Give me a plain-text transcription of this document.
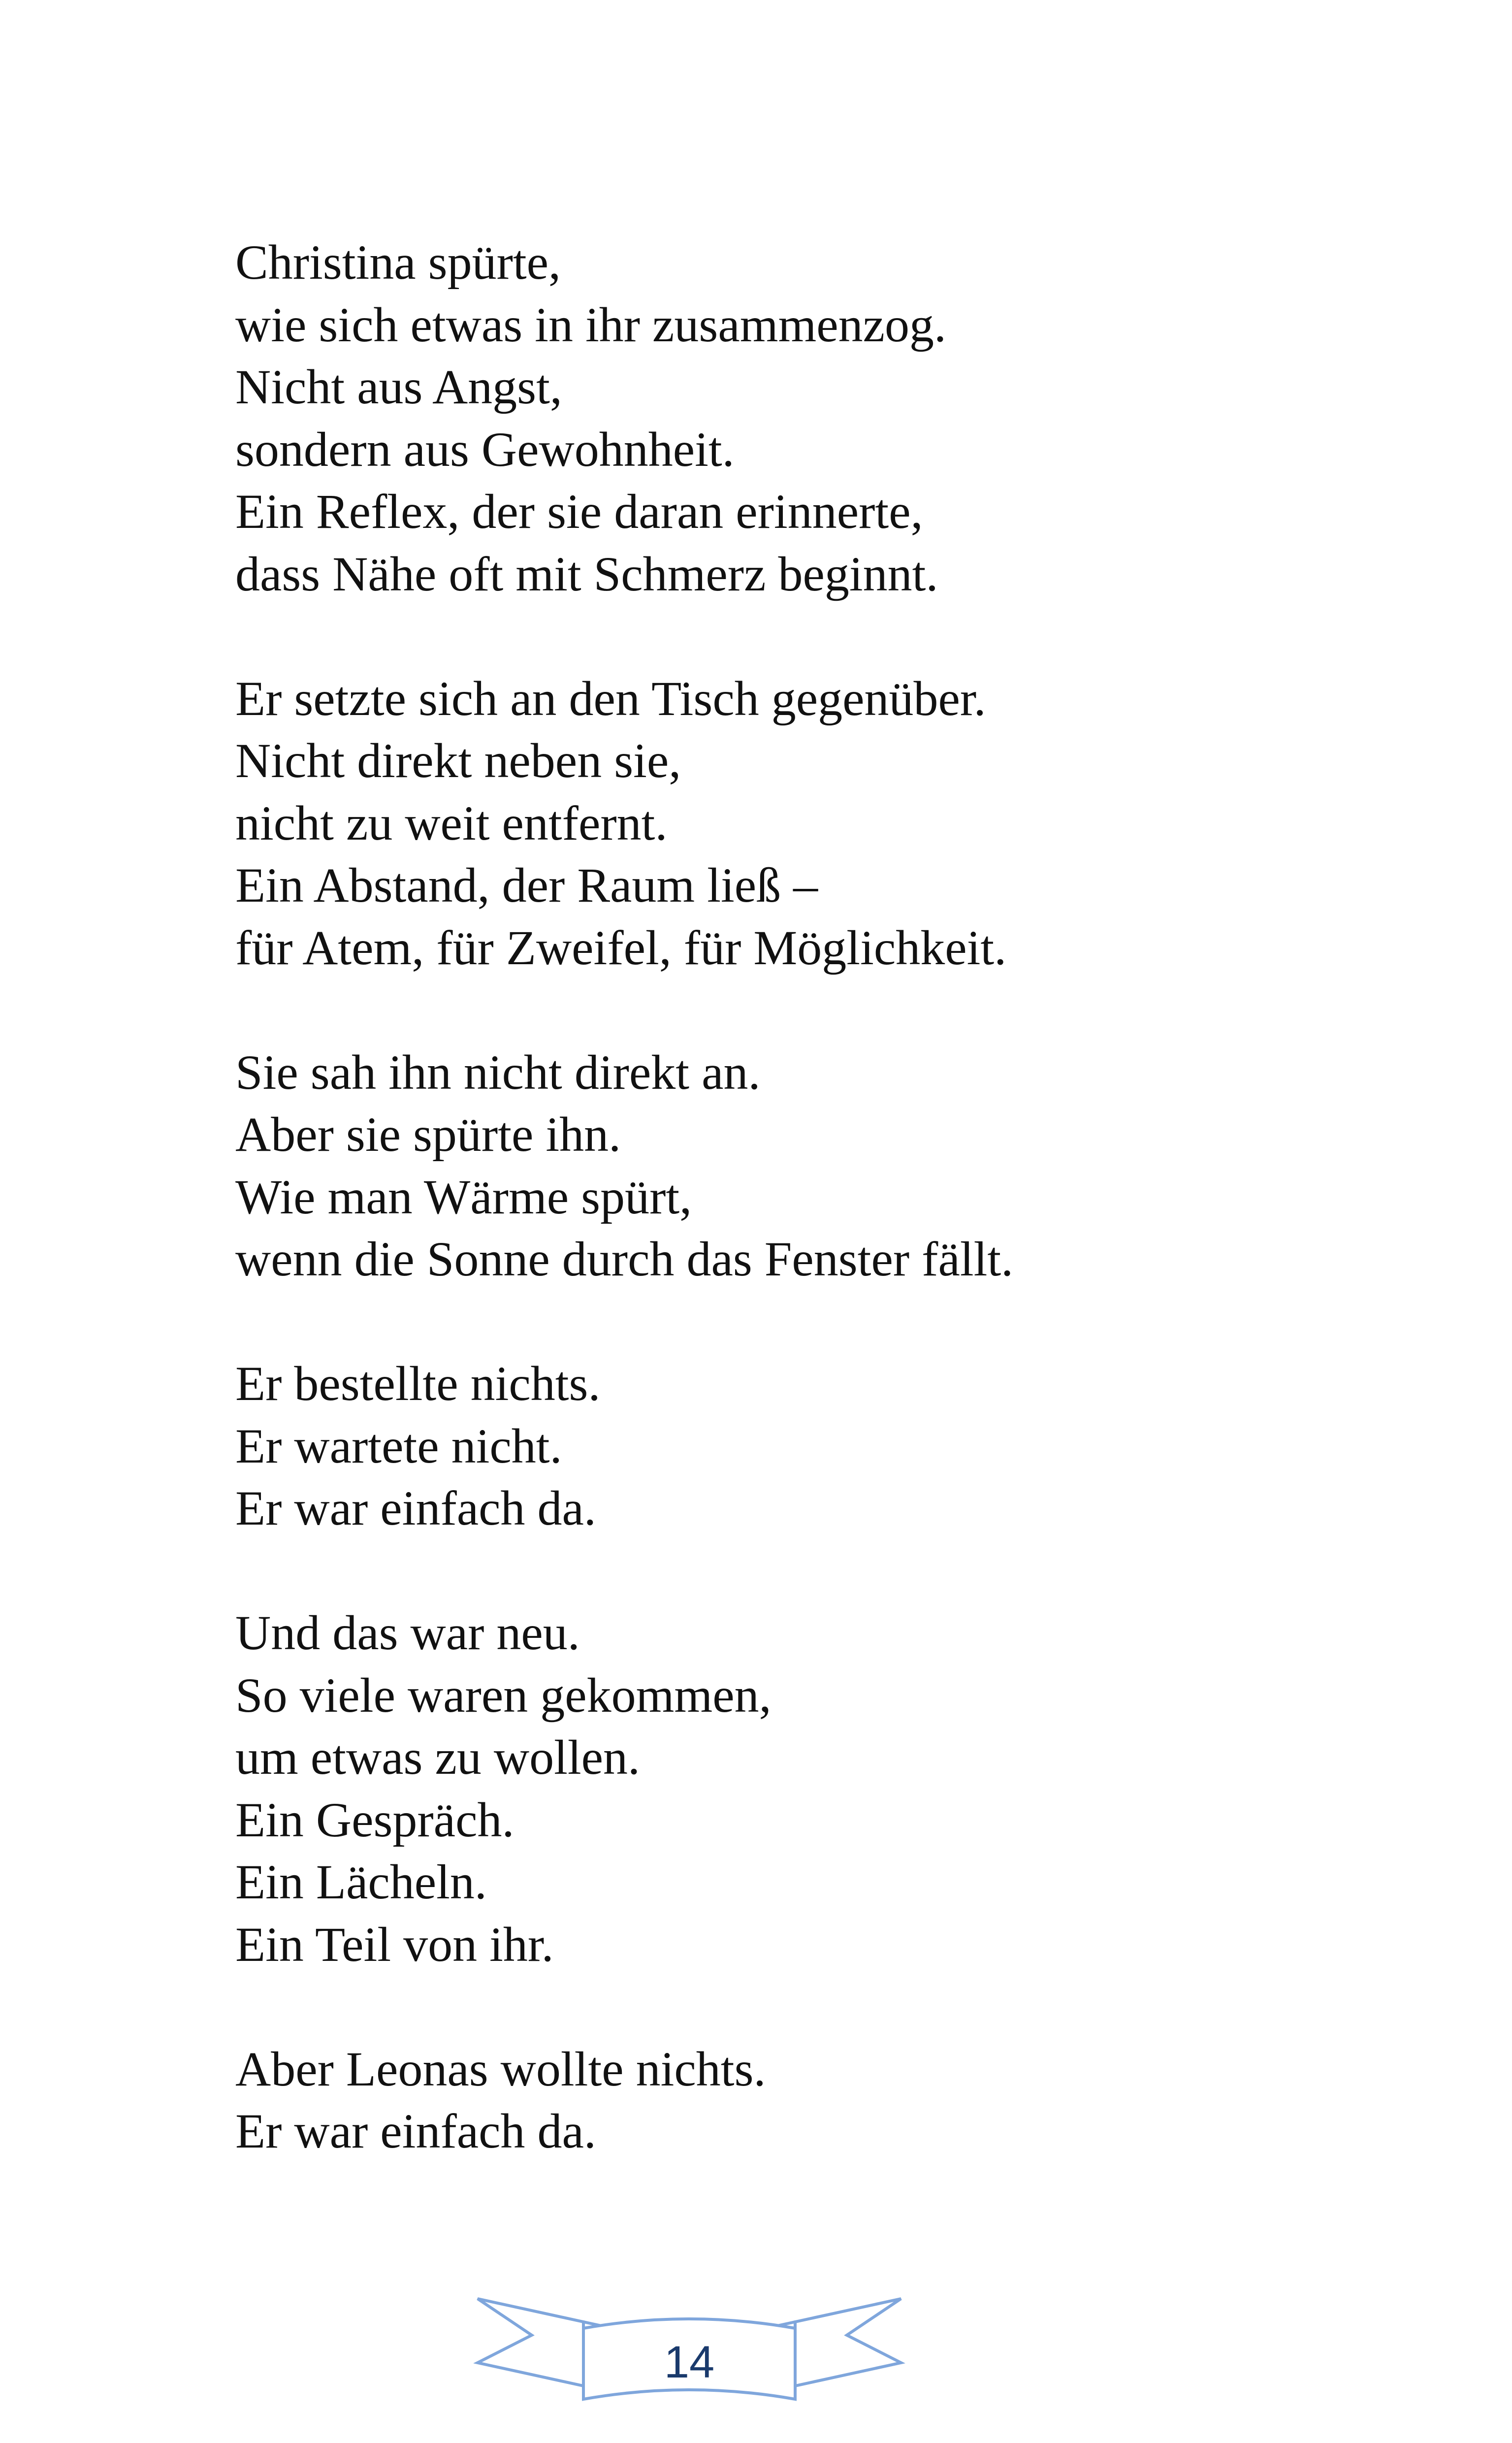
Christina spürte,
wie sich etwas in ihr zusammenzog.
Nicht aus Angst,
sondern aus Gewohnheit.
Ein Reflex, der sie daran erinnerte,
dass Nähe oft mit Schmerz beginnt.
Er setzte sich an den Tisch gegenüber.
Nicht direkt neben sie,
nicht zu weit entfernt.
Ein Abstand, der Raum ließ –
für Atem, für Zweifel, für Möglichkeit.
Sie sah ihn nicht direkt an.
Aber sie spürte ihn.
Wie man Wärme spürt,
wenn die Sonne durch das Fenster fällt.
Er bestellte nichts.
Er wartete nicht.
Er war einfach da.
Und das war neu.
So viele waren gekommen,
um etwas zu wollen.
Ein Gespräch.
Ein Lächeln.
Ein Teil von ihr.
Aber Leonas wollte nichts.
Er war einfach da.
14
